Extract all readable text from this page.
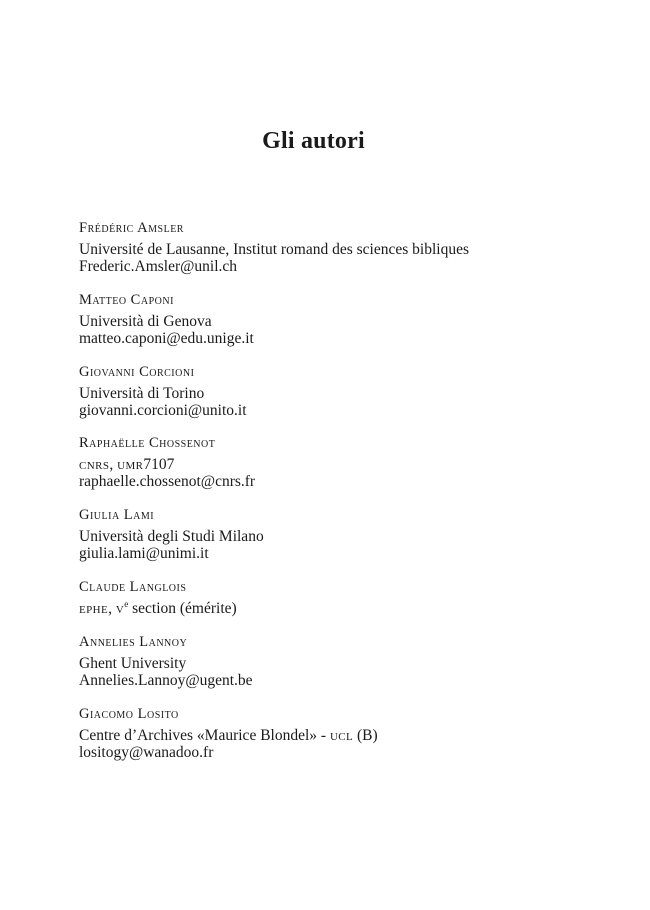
Gli autori
Frédéric Amsler
Université de Lausanne, Institut romand des sciences bibliques
Frederic.Amsler@unil.ch
Matteo Caponi
Università di Genova
matteo.caponi@edu.unige.it
Giovanni Corcioni
Università di Torino
giovanni.corcioni@unito.it
Raphaëlle Chossenot
cnrs, umr7107
raphaelle.chossenot@cnrs.fr
Giulia Lami
Università degli Studi Milano
giulia.lami@unimi.it
Claude Langlois
ephe, $v^e$ section (émérite)
Annelies Lannoy
Ghent University
Annelies.Lannoy@ugent.be
Giacomo Losito
Centre d’Archives «Maurice Blondel» - ucl (B)
lositogy@wanadoo.fr
